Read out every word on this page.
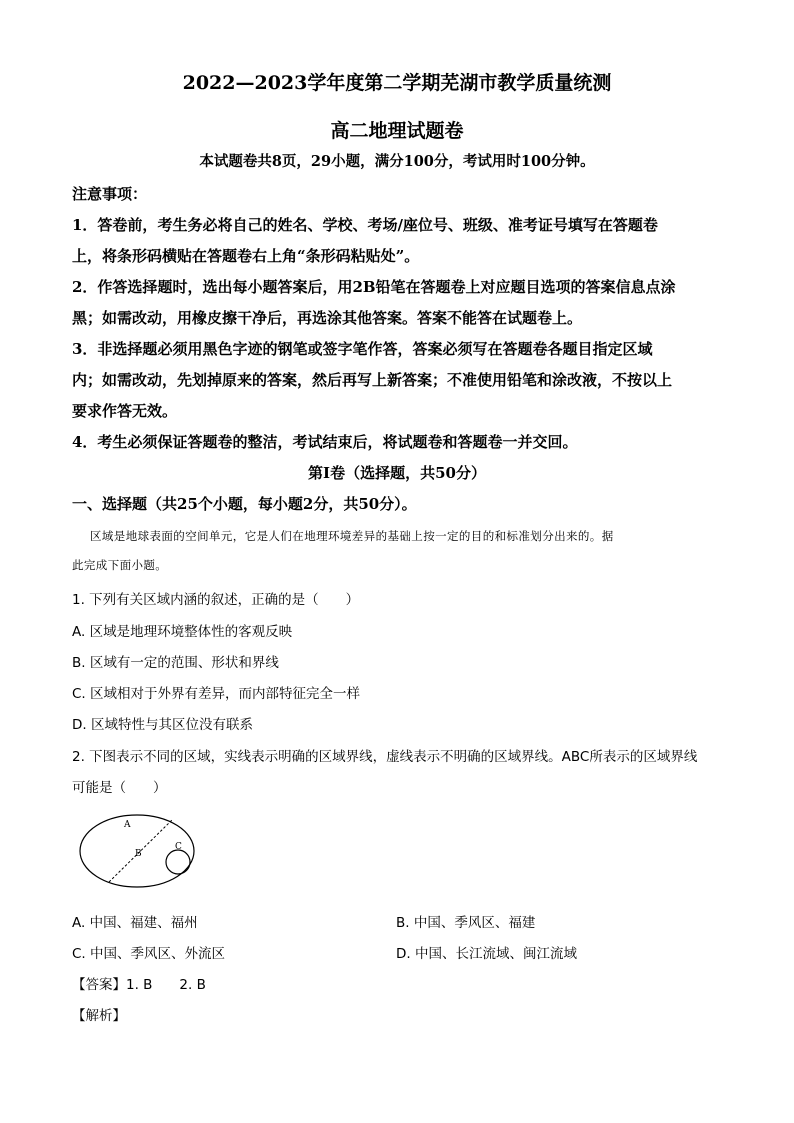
2022—2023学年度第二学期芜湖市教学质量统测
高二地理试题卷
本试题卷共8页，29小题，满分100分，考试用时100分钟。
注意事项：
1．答卷前，考生务必将自己的姓名、学校、考场/座位号、班级、准考证号填写在答题卷
上，将条形码横贴在答题卷右上角“条形码粘贴处”。
2．作答选择题时，选出每小题答案后，用2B铅笔在答题卷上对应题目选项的答案信息点涂
黑；如需改动，用橡皮擦干净后，再选涂其他答案。答案不能答在试题卷上。
3．非选择题必须用黑色字迹的钢笔或签字笔作答，答案必须写在答题卷各题目指定区域
内；如需改动，先划掉原来的答案，然后再写上新答案；不准使用铅笔和涂改液，不按以上
要求作答无效。
4．考生必须保证答题卷的整洁，考试结束后，将试题卷和答题卷一并交回。
第Ⅰ卷（选择题，共50分）
一、选择题（共25个小题，每小题2分，共50分）。
区域是地球表面的空间单元，它是人们在地理环境差异的基础上按一定的目的和标准划分出来的。据
此完成下面小题。
1. 下列有关区域内涵的叙述，正确的是（　　）
A. 区域是地理环境整体性的客观反映
B. 区域有一定的范围、形状和界线
C. 区域相对于外界有差异，而内部特征完全一样
D. 区域特性与其区位没有联系
2. 下图表示不同的区域，实线表示明确的区域界线，虚线表示不明确的区域界线。ABC所表示的区域界线
可能是（　　）
A
B
C
A. 中国、福建、福州	B. 中国、季风区、福建
C. 中国、季风区、外流区	D. 中国、长江流域、闽江流域
【答案】1. B　　2. B
【解析】
